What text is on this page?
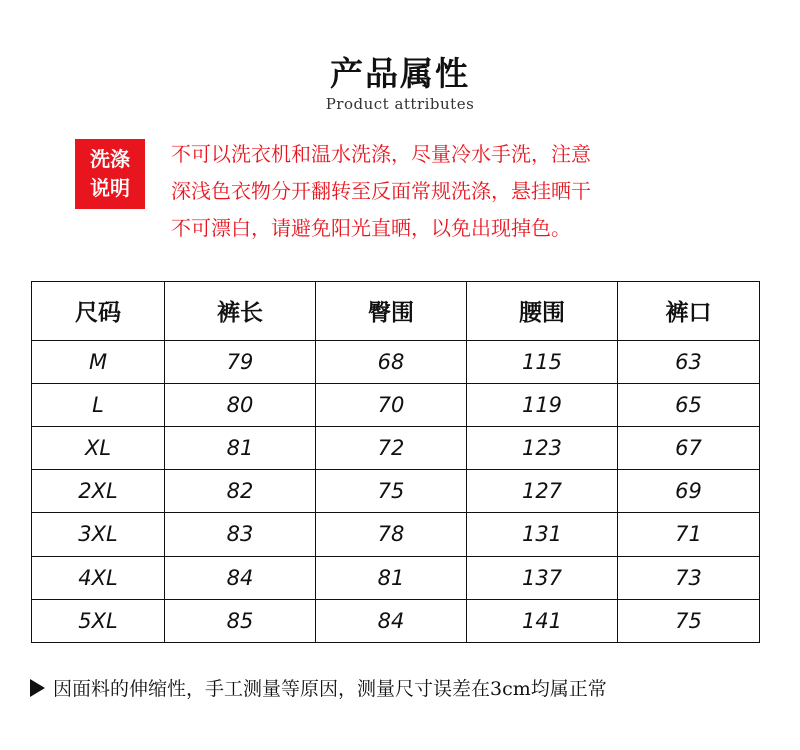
产品属性
Product attributes
洗涤
说明
不可以洗衣机和温水洗涤，尽量冷水手洗，注意
深浅色衣物分开翻转至反面常规洗涤，悬挂晒干
不可漂白，请避免阳光直晒，以免出现掉色。
尺码	裤长	臀围	腰围	裤口
M	79	68	115	63
L	80	70	119	65
XL	81	72	123	67
2XL	82	75	127	69
3XL	83	78	131	71
4XL	84	81	137	73
5XL	85	84	141	75
因面料的伸缩性，手工测量等原因，测量尺寸误差在3cm均属正常
